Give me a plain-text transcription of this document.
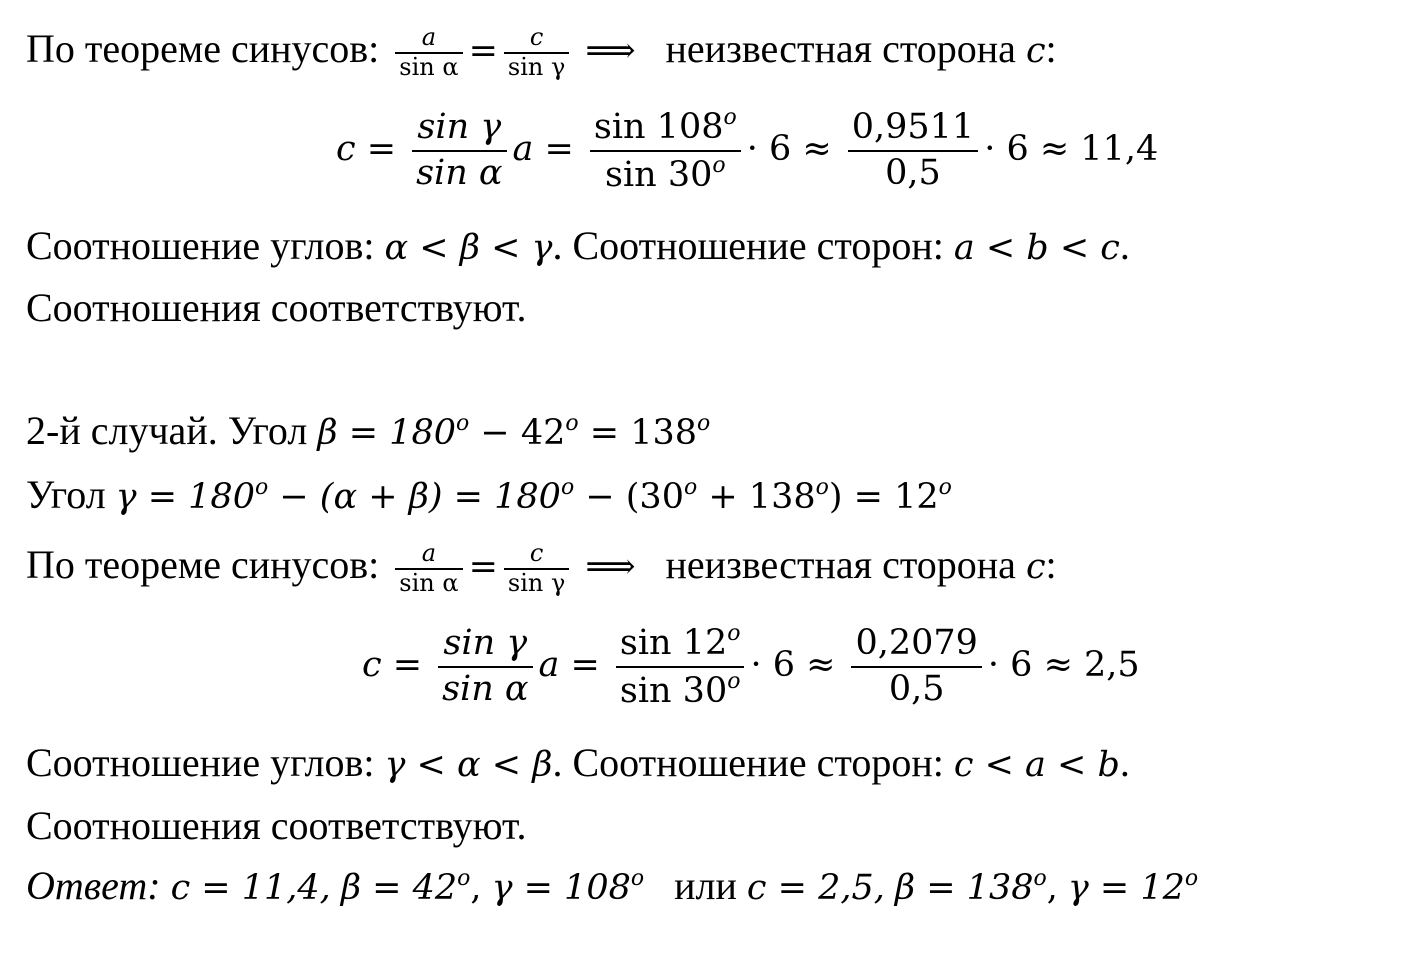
По теореме синусов: $\frac{a}{\text{sin α}} = \frac{c}{\text{sin γ}}$ ⟹ неизвестная сторона c:
$c = \frac{\text{sin γ}}{\text{sin α}}$ $a = \frac{\sin 108^o}{\sin 30^o} \cdot 6 \approx \frac{0,9511}{0,5} \cdot 6 \approx 11,4$
Соотношение углов: α < β < γ. Соотношение сторон: a < b < c.
Соотношения соответствуют.
2-й случай. Угол $\beta = 180^o - 42^o = 138^o$
Угол $\gamma = 180^o - (\alpha + \beta) = 180^o - (30^o + 138^o) = 12^o$
По теореме синусов: $\frac{a}{\text{sin α}} = \frac{c}{\text{sin γ}}$ ⟹ неизвестная сторона c:
$c = \frac{\text{sin γ}}{\text{sin α}}$ $a = \frac{\sin 12^o}{\sin 30^o} \cdot 6 \approx \frac{0,2079}{0,5} \cdot 6 \approx 2,5$
Соотношение углов: γ < α < β. Соотношение сторон: c < a < b.
Соотношения соответствуют.
Ответ: c = 11,4, $\beta = 42^o$, $\gamma = 108^o$ или c = 2,5, $\beta = 138^o$, $\gamma = 12^o$
